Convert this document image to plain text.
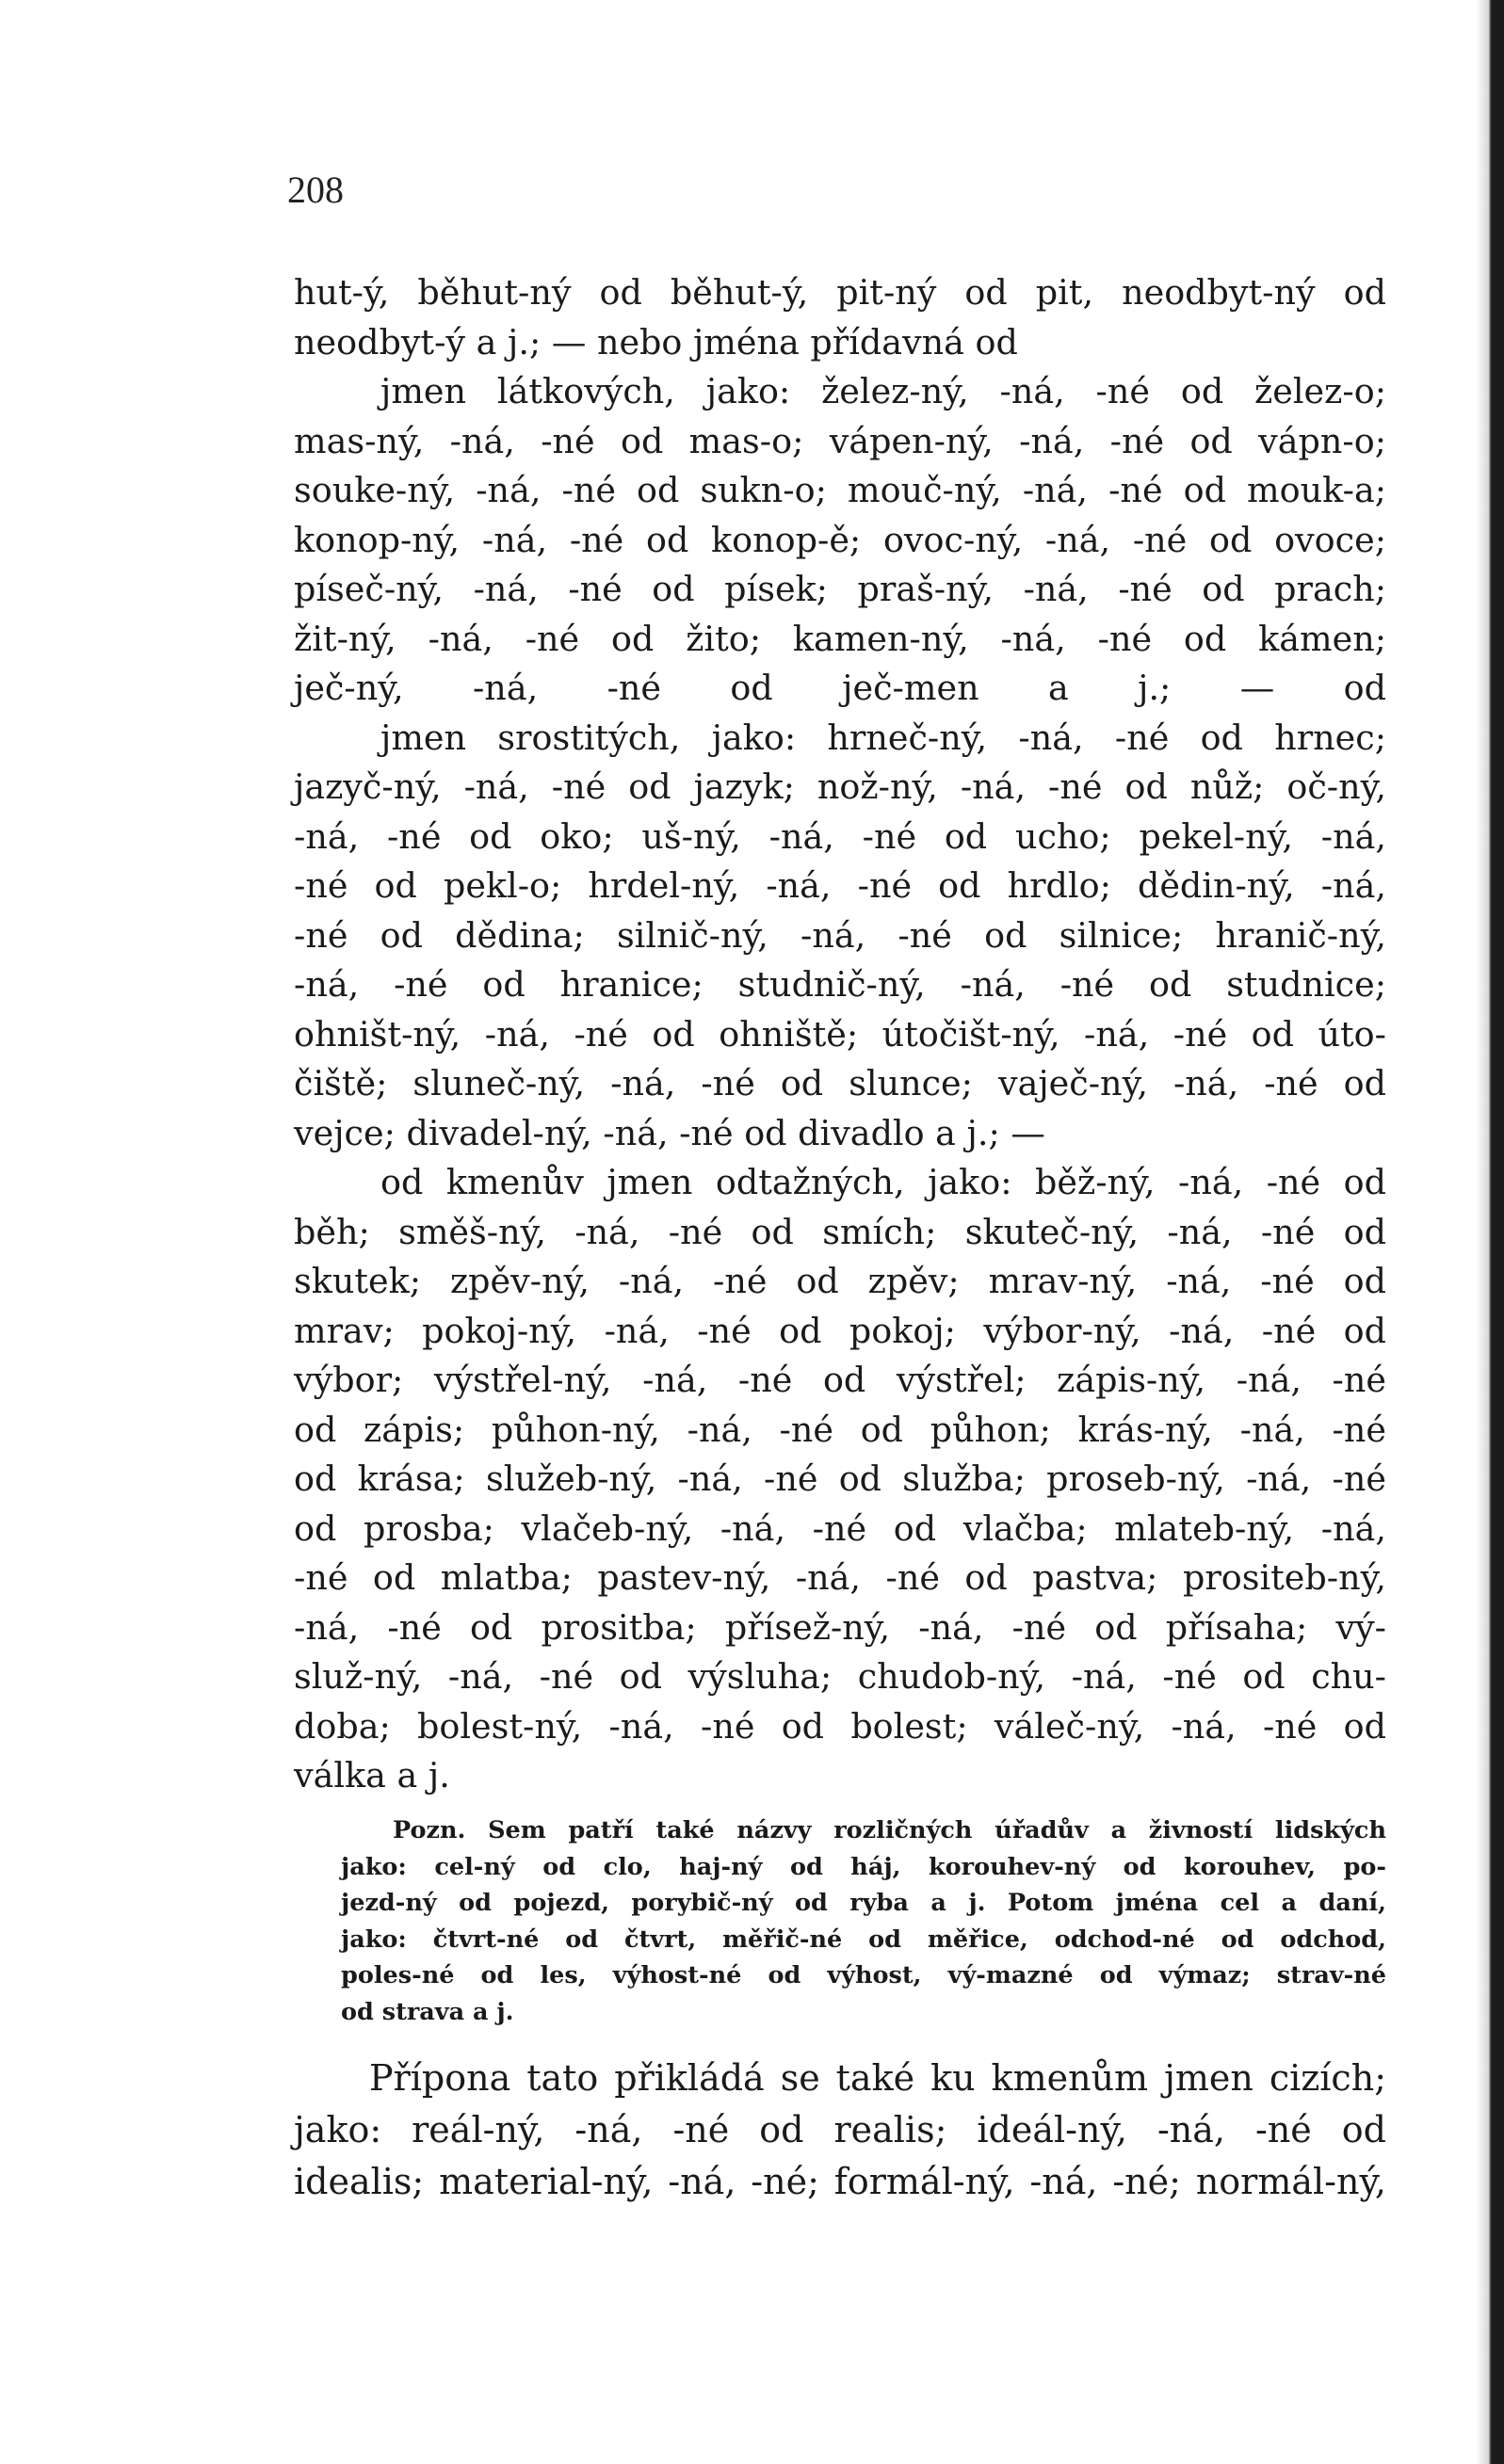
208
hut-ý, běhut-ný od běhut-ý, pit-ný od pit, neodbyt-ný od
neodbyt-ý a j.; — nebo jména přídavná od
jmen látkových, jako: želez-ný, -ná, -né od želez-o;
mas-ný, -ná, -né od mas-o; vápen-ný, -ná, -né od vápn-o;
souke-ný, -ná, -né od sukn-o; mouč-ný, -ná, -né od mouk-a;
konop-ný, -ná, -né od konop-ě; ovoc-ný, -ná, -né od ovoce;
píseč-ný, -ná, -né od písek; praš-ný, -ná, -né od prach;
žit-ný, -ná, -né od žito; kamen-ný, -ná, -né od kámen;
ječ-ný, -ná, -né od ječ-men a j.; — od
jmen srostitých, jako: hrneč-ný, -ná, -né od hrnec;
jazyč-ný, -ná, -né od jazyk; nož-ný, -ná, -né od nůž; oč-ný,
-ná, -né od oko; uš-ný, -ná, -né od ucho; pekel-ný, -ná,
-né od pekl-o; hrdel-ný, -ná, -né od hrdlo; dědin-ný, -ná,
-né od dědina; silnič-ný, -ná, -né od silnice; hranič-ný,
-ná, -né od hranice; studnič-ný, -ná, -né od studnice;
ohništ-ný, -ná, -né od ohniště; útočišt-ný, -ná, -né od úto-
čiště; sluneč-ný, -ná, -né od slunce; vaječ-ný, -ná, -né od
vejce; divadel-ný, -ná, -né od divadlo a j.; —
od kmenův jmen odtažných, jako: běž-ný, -ná, -né od
běh; směš-ný, -ná, -né od smích; skuteč-ný, -ná, -né od
skutek; zpěv-ný, -ná, -né od zpěv; mrav-ný, -ná, -né od
mrav; pokoj-ný, -ná, -né od pokoj; výbor-ný, -ná, -né od
výbor; výstřel-ný, -ná, -né od výstřel; zápis-ný, -ná, -né
od zápis; půhon-ný, -ná, -né od půhon; krás-ný, -ná, -né
od krása; služeb-ný, -ná, -né od služba; proseb-ný, -ná, -né
od prosba; vlačeb-ný, -ná, -né od vlačba; mlateb-ný, -ná,
-né od mlatba; pastev-ný, -ná, -né od pastva; prositeb-ný,
-ná, -né od prositba; přísež-ný, -ná, -né od přísaha; vý-
služ-ný, -ná, -né od výsluha; chudob-ný, -ná, -né od chu-
doba; bolest-ný, -ná, -né od bolest; váleč-ný, -ná, -né od
válka a j.
Pozn. Sem patří také názvy rozličných úřadův a živností lidských
jako: cel-ný od clo, haj-ný od háj, korouhev-ný od korouhev, po-
jezd-ný od pojezd, porybič-ný od ryba a j. Potom jména cel a daní,
jako: čtvrt-né od čtvrt, měřič-né od měřice, odchod-né od odchod,
poles-né od les, výhost-né od výhost, vý-mazné od výmaz; strav-né
od strava a j.
Přípona tato přikládá se také ku kmenům jmen cizích;
jako: reál-ný, -ná, -né od realis; ideál-ný, -ná, -né od
idealis; material-ný, -ná, -né; formál-ný, -ná, -né; normál-ný,
